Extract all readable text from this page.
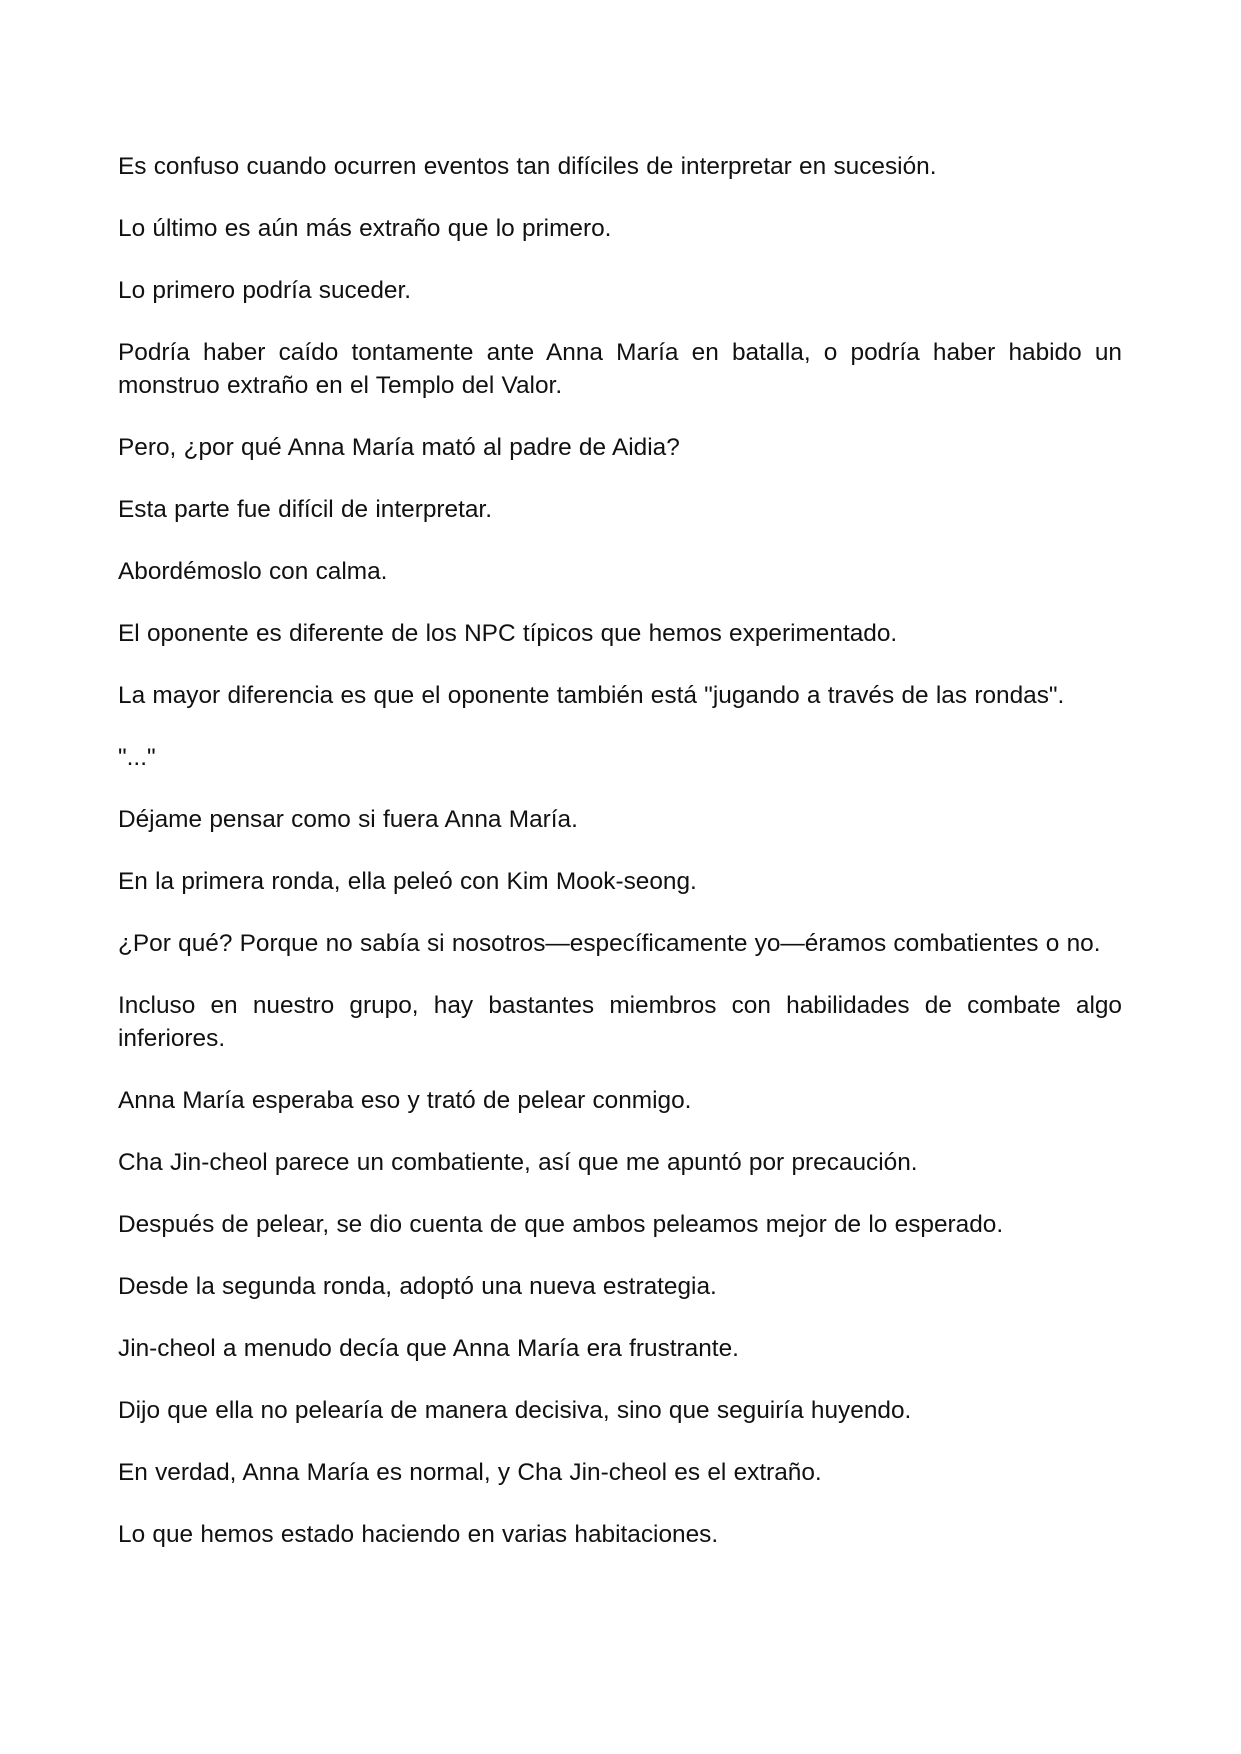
Es confuso cuando ocurren eventos tan difíciles de interpretar en sucesión.

Lo último es aún más extraño que lo primero.

Lo primero podría suceder.

Podría haber caído tontamente ante Anna María en batalla, o podría haber habido un monstruo extraño en el Templo del Valor.

Pero, ¿por qué Anna María mató al padre de Aidia?

Esta parte fue difícil de interpretar.

Abordémoslo con calma.

El oponente es diferente de los NPC típicos que hemos experimentado.

La mayor diferencia es que el oponente también está "jugando a través de las rondas".

"..."

Déjame pensar como si fuera Anna María.

En la primera ronda, ella peleó con Kim Mook-seong.

¿Por qué? Porque no sabía si nosotros—específicamente yo—éramos combatientes o no.

Incluso en nuestro grupo, hay bastantes miembros con habilidades de combate algo inferiores.

Anna María esperaba eso y trató de pelear conmigo.

Cha Jin-cheol parece un combatiente, así que me apuntó por precaución.

Después de pelear, se dio cuenta de que ambos peleamos mejor de lo esperado.

Desde la segunda ronda, adoptó una nueva estrategia.

Jin-cheol a menudo decía que Anna María era frustrante.

Dijo que ella no pelearía de manera decisiva, sino que seguiría huyendo.

En verdad, Anna María es normal, y Cha Jin-cheol es el extraño.

Lo que hemos estado haciendo en varias habitaciones.
